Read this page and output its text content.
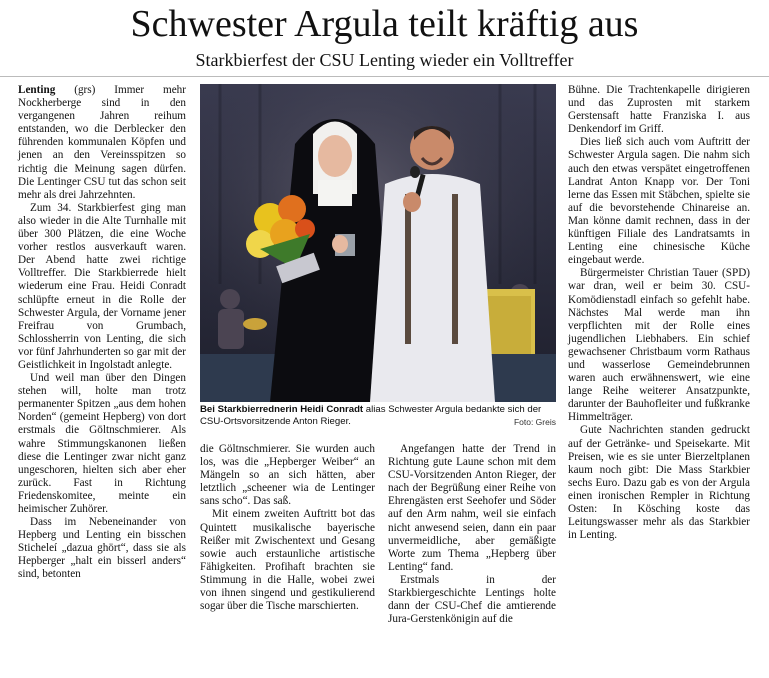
Schwester Argula teilt kräftig aus
Starkbierfest der CSU Lenting wieder ein Volltreffer

Lenting (grs) Immer mehr Nockherberge sind in den vergangenen Jahren reihum entstanden, wo die Derblecker den führenden kommunalen Köpfen und jenen an den Vereinsspitzen so richtig die Meinung sagen dürfen. Die Lentinger CSU tut das schon seit mehr als drei Jahrzehnten.

Zum 34. Starkbierfest ging man also wieder in die Alte Turnhalle mit über 300 Plätzen, die eine Woche vorher restlos ausverkauft waren. Der Abend hatte zwei richtige Volltreffer. Die Starkbierrede hielt wiederum eine Frau. Heidi Conradt schlüpfte erneut in die Rolle der Schwester Argula, der Vorname jener Freifrau von Grumbach, Schlossherrin von Lenting, die sich vor fünf Jahrhunderten so gar mit der Geistlichkeit in Ingolstadt anlegte.

Und weil man über den Dingen stehen will, holte man trotz permanenter Spitzen „aus dem hohen Norden“ (gemeint Hepberg) von dort erstmals die Göltnschmierer. Als wahre Stimmungskanonen ließen diese die Lentinger zwar nicht ganz ungeschoren, hielten sich aber eher zurück. Fast in Richtung Friedenskomitee, meinte ein heimischer Zuhörer.

Dass im Nebeneinander von Hepberg und Lenting ein bisschen Sticheleí „dazua ghört“, dass sie als Hepberger „halt ein bisserl anders“ sind, betonten

Bei Starkbierrednerin Heidi Conradt alias Schwester Argula bedankte sich der CSU-Ortsvorsitzende Anton Rieger.	Foto: Greis

die Göltnschmierer. Sie wurden auch los, was die „Hepberger Weiber“ an Mängeln so an sich hätten, aber letztlich „scheener wia de Lentinger sans scho“. Das saß.

Mit einem zweiten Auftritt bot das Quintett musikalische bayerische Reißer mit Zwischentext und Gesang sowie auch erstaunliche artistische Fähigkeiten. Profihaft brachten sie Stimmung in die Halle, wobei zwei von ihnen singend und gestikulierend sogar über die Tische marschierten.

Angefangen hatte der Trend in Richtung gute Laune schon mit dem CSU-Vorsitzenden Anton Rieger, der nach der Begrüßung einer Reihe von Ehrengästen erst Seehofer und Söder auf den Arm nahm, weil sie einfach nicht anwesend seien, dann ein paar unvermeidliche, aber gemäßigte Worte zum Thema „Hepberg über Lenting“ fand.

Erstmals in der Starkbiergeschichte Lentings holte dann der CSU-Chef die amtierende Jura-Gerstenkönigin auf die

Bühne. Die Trachtenkapelle dirigieren und das Zuprosten mit starkem Gerstensaft hatte Franziska I. aus Denkendorf im Griff.

Dies ließ sich auch vom Auftritt der Schwester Argula sagen. Die nahm sich auch den etwas verspätet eingetroffenen Landrat Anton Knapp vor. Der Toni lerne das Essen mit Stäbchen, spielte sie auf die bevorstehende Chinareise an. Man könne damit rechnen, dass in der künftigen Filiale des Landratsamts in Lenting eine chinesische Küche eingebaut werde.

Bürgermeister Christian Tauer (SPD) war dran, weil er beim 30. CSU-Komödienstadl einfach so gefehlt habe. Nächstes Mal werde man ihn verpflichten mit der Rolle eines jugendlichen Liebhabers. Ein schief gewachsener Christbaum vorm Rathaus und wasserlose Gemeindebrunnen waren auch erwähnenswert, wie eine lange Reihe weiterer Ansatzpunkte, darunter der Bauhofleiter und fußkranke Himmelträger.

Gute Nachrichten standen gedruckt auf der Getränke- und Speisekarte. Mit Preisen, wie es sie unter Bierzeltplanen kaum noch gibt: Die Mass Starkbier sechs Euro. Dazu gab es von der Argula einen ironischen Rempler in Richtung Osten: In Kösching koste das Leitungswasser mehr als das Starkbier in Lenting.
